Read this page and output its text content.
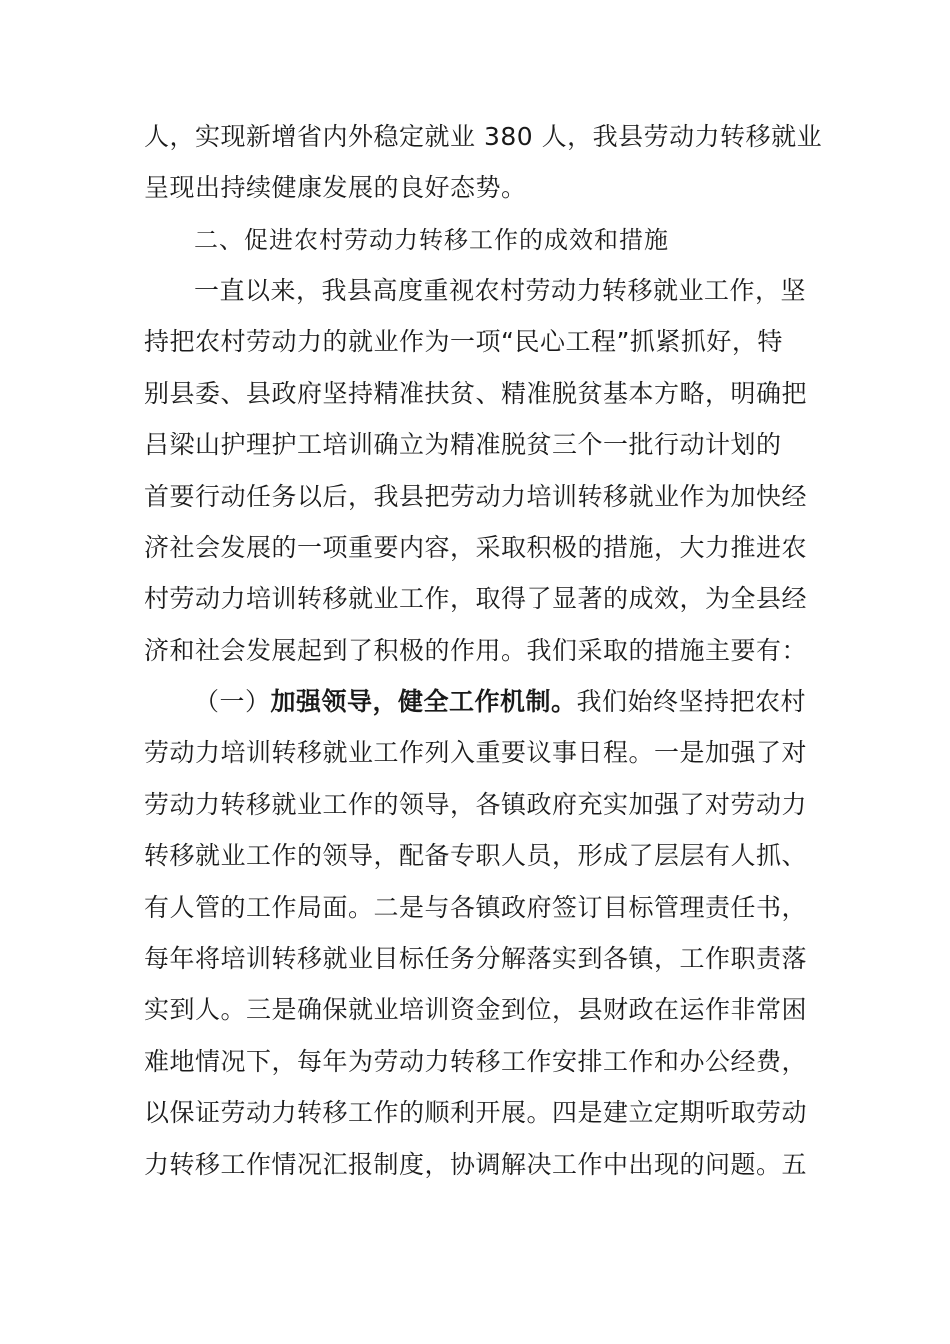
人，实现新增省内外稳定就业 380 人，我县劳动力转移就业
呈现出持续健康发展的良好态势。
二、促进农村劳动力转移工作的成效和措施
一直以来，我县高度重视农村劳动力转移就业工作，坚
持把农村劳动力的就业作为一项“民心工程”抓紧抓好，特
别县委、县政府坚持精准扶贫、精准脱贫基本方略，明确把
吕梁山护理护工培训确立为精准脱贫三个一批行动计划的
首要行动任务以后，我县把劳动力培训转移就业作为加快经
济社会发展的一项重要内容，采取积极的措施，大力推进农
村劳动力培训转移就业工作，取得了显著的成效，为全县经
济和社会发展起到了积极的作用。我们采取的措施主要有：
（一）加强领导，健全工作机制。我们始终坚持把农村
劳动力培训转移就业工作列入重要议事日程。一是加强了对
劳动力转移就业工作的领导，各镇政府充实加强了对劳动力
转移就业工作的领导，配备专职人员，形成了层层有人抓、
有人管的工作局面。二是与各镇政府签订目标管理责任书，
每年将培训转移就业目标任务分解落实到各镇，工作职责落
实到人。三是确保就业培训资金到位，县财政在运作非常困
难地情况下，每年为劳动力转移工作安排工作和办公经费，
以保证劳动力转移工作的顺利开展。四是建立定期听取劳动
力转移工作情况汇报制度，协调解决工作中出现的问题。五
